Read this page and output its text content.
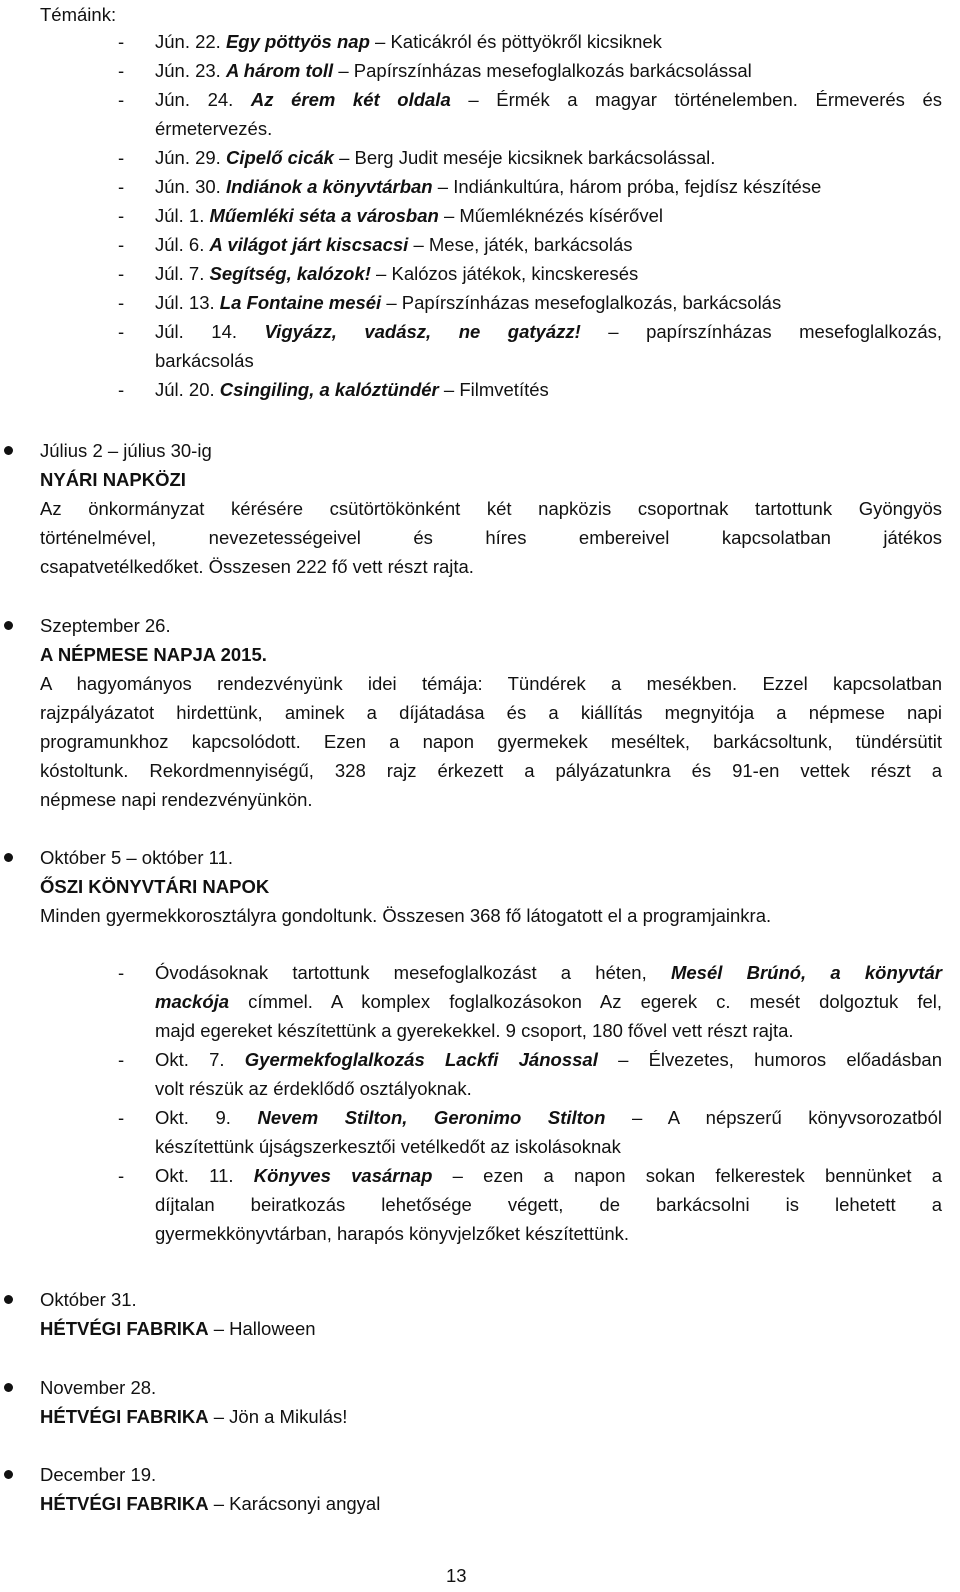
Témáink:
- Jún. 22. Egy pöttyös nap – Katicákról és pöttyökről kicsiknek
- Jún. 23. A három toll – Papírszínházas mesefoglalkozás barkácsolással
- Jún. 24. Az érem két oldala – Érmék a magyar történelemben. Érmeverés és
érmetervezés.
- Jún. 29. Cipelő cicák – Berg Judit meséje kicsiknek barkácsolással.
- Jún. 30. Indiánok a könyvtárban – Indiánkultúra, három próba, fejdísz készítése
- Júl. 1. Műemléki séta a városban – Műemléknézés kísérővel
- Júl. 6. A világot járt kiscsacsi – Mese, játék, barkácsolás
- Júl. 7. Segítség, kalózok! – Kalózos játékok, kincskeresés
- Júl. 13. La Fontaine meséi – Papírszínházas mesefoglalkozás, barkácsolás
- Júl. 14. Vigyázz, vadász, ne gatyázz! – papírszínházas mesefoglalkozás,
barkácsolás
- Júl. 20. Csingiling, a kalóztündér – Filmvetítés
Július 2 – július 30-ig
NYÁRI NAPKÖZI
Az önkormányzat kérésére csütörtökönként két napközis csoportnak tartottunk Gyöngyös
történelmével, nevezetességeivel és híres embereivel kapcsolatban játékos
csapatvetélkedőket. Összesen 222 fő vett részt rajta.
Szeptember 26.
A NÉPMESE NAPJA 2015.
A hagyományos rendezvényünk idei témája: Tündérek a mesékben. Ezzel kapcsolatban
rajzpályázatot hirdettünk, aminek a díjátadása és a kiállítás megnyitója a népmese napi
programunkhoz kapcsolódott. Ezen a napon gyermekek meséltek, barkácsoltunk, tündérsütit
kóstoltunk. Rekordmennyiségű, 328 rajz érkezett a pályázatunkra és 91-en vettek részt a
népmese napi rendezvényünkön.
Október 5 – október 11.
ŐSZI KÖNYVTÁRI NAPOK
Minden gyermekkorosztályra gondoltunk. Összesen 368 fő látogatott el a programjainkra.
- Óvodásoknak tartottunk mesefoglalkozást a héten, Mesél Brúnó, a könyvtár
mackója címmel. A komplex foglalkozásokon Az egerek c. mesét dolgoztuk fel,
majd egereket készítettünk a gyerekekkel. 9 csoport, 180 fővel vett részt rajta.
- Okt. 7. Gyermekfoglalkozás Lackfi Jánossal – Élvezetes, humoros előadásban
volt részük az érdeklődő osztályoknak.
- Okt. 9. Nevem Stilton, Geronimo Stilton – A népszerű könyvsorozatból
készítettünk újságszerkesztői vetélkedőt az iskolásoknak
- Okt. 11. Könyves vasárnap – ezen a napon sokan felkerestek bennünket a
díjtalan beiratkozás lehetősége végett, de barkácsolni is lehetett a
gyermekkönyvtárban, harapós könyvjelzőket készítettünk.
Október 31.
HÉTVÉGI FABRIKA – Halloween
November 28.
HÉTVÉGI FABRIKA – Jön a Mikulás!
December 19.
HÉTVÉGI FABRIKA – Karácsonyi angyal
13
